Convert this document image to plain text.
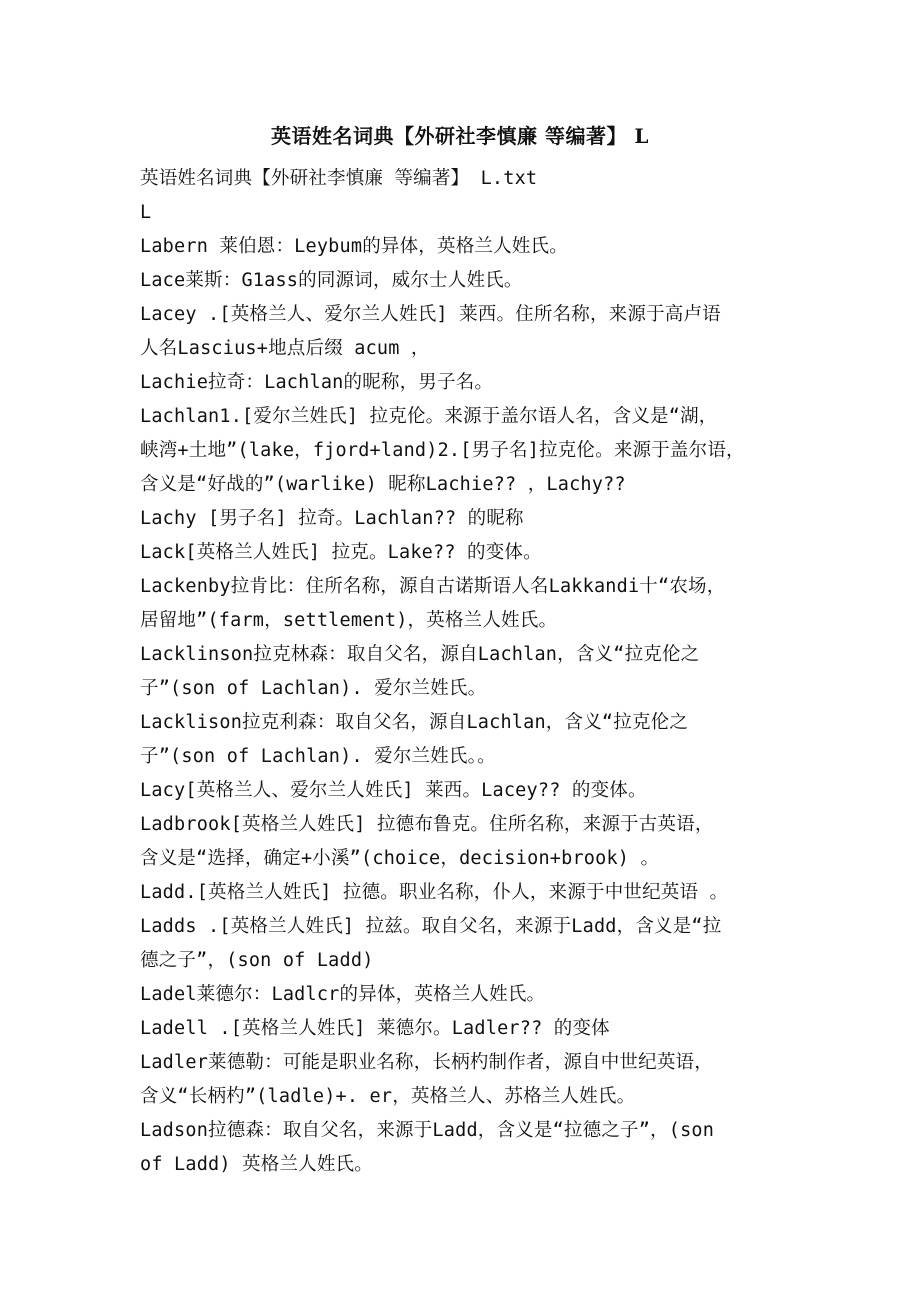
英语姓名词典【外研社李慎廉 等编著】 L
英语姓名词典【外研社李慎廉 等编著】 L.txt
L
Labern 莱伯恩：Leybum的异体，英格兰人姓氏。
Lace莱斯：G1ass的同源词，威尔士人姓氏。
Lacey .[英格兰人、爱尔兰人姓氏] 莱西。住所名称，来源于高卢语
人名Lascius+地点后缀 acum ，
Lachie拉奇：Lachlan的昵称，男子名。
Lachlan1.[爱尔兰姓氏] 拉克伦。来源于盖尔语人名，含义是“湖，
峡湾+土地”(lake，fjord+land)2.[男子名]拉克伦。来源于盖尔语，
含义是“好战的”(warlike) 昵称Lachie?? ，Lachy??
Lachy [男子名] 拉奇。Lachlan?? 的昵称
Lack[英格兰人姓氏] 拉克。Lake?? 的变体。
Lackenby拉肯比：住所名称，源自古诺斯语人名Lakkandi十“农场，
居留地”(farm，settlement)，英格兰人姓氏。
Lacklinson拉克林森：取自父名，源自Lachlan，含义“拉克伦之
子”(son of Lachlan). 爱尔兰姓氏。
Lacklison拉克利森：取自父名，源自Lachlan，含义“拉克伦之
子”(son of Lachlan). 爱尔兰姓氏。。
Lacy[英格兰人、爱尔兰人姓氏] 莱西。Lacey?? 的变体。
Ladbrook[英格兰人姓氏] 拉德布鲁克。住所名称，来源于古英语，
含义是“选择，确定+小溪”(choice，decision+brook) 。
Ladd.[英格兰人姓氏] 拉德。职业名称，仆人，来源于中世纪英语 。
Ladds .[英格兰人姓氏] 拉兹。取自父名，来源于Ladd，含义是“拉
德之子”，(son of Ladd)
Ladel莱德尔：Ladlcr的异体，英格兰人姓氏。
Ladell .[英格兰人姓氏] 莱德尔。Ladler?? 的变体
Ladler莱德勒：可能是职业名称，长柄杓制作者，源自中世纪英语，
含义“长柄杓”(ladle)+. er，英格兰人、苏格兰人姓氏。
Ladson拉德森：取自父名，来源于Ladd，含义是“拉德之子”，(son
of Ladd) 英格兰人姓氏。
